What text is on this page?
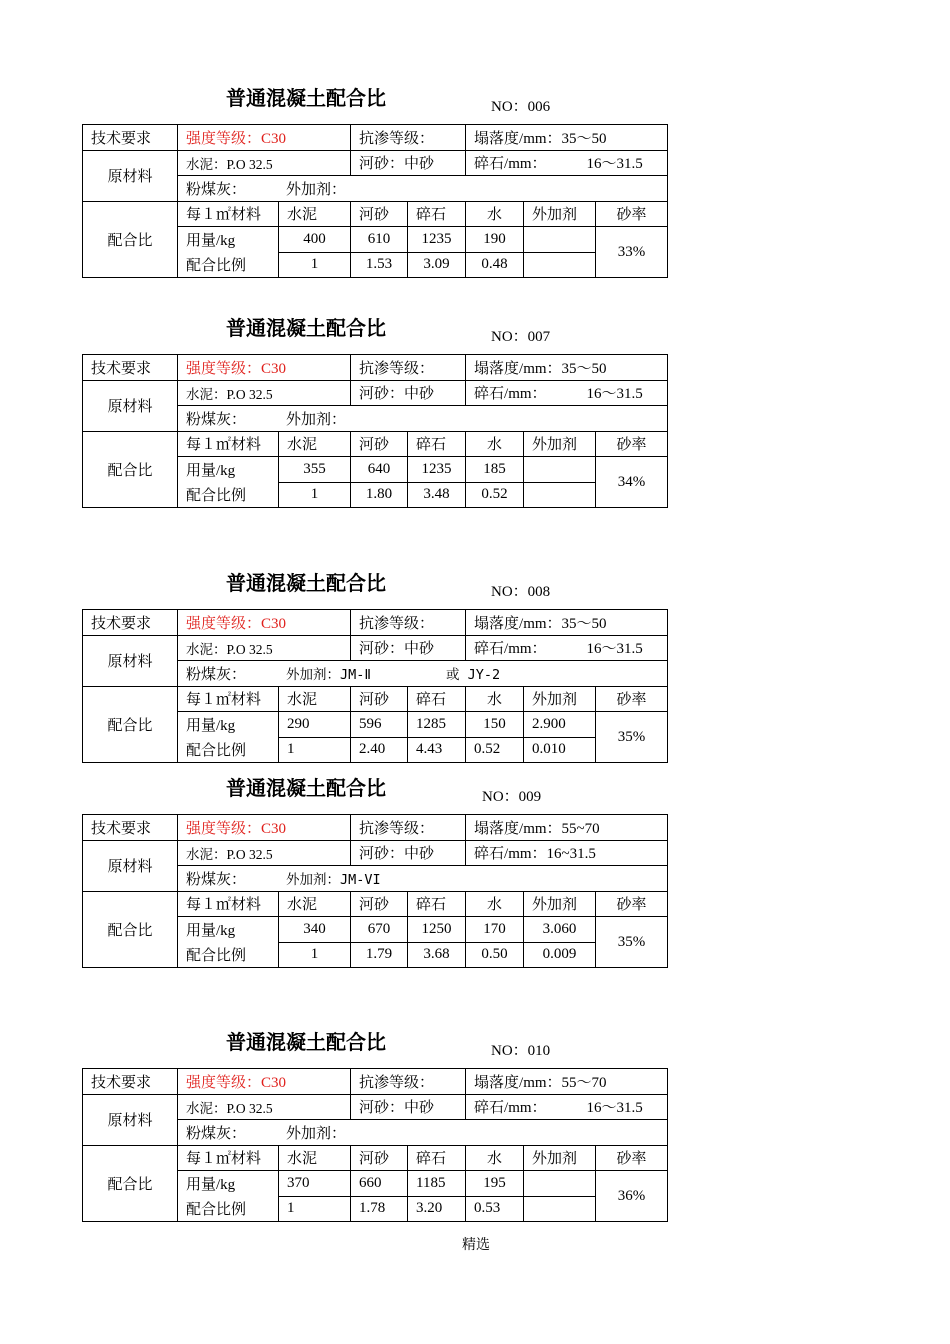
普通混凝土配合比	NO：006
技术要求	强度等级：C30		抗渗等级：		塌落度/mm：35～50		
原材料	水泥：P.O 32.5		河砂：中砂		碎石/mm： 16～31.5		
	粉煤灰： 外加剂：						
配合比	每１㎡材料	水泥	河砂	碎石	水	外加剂	砂率
	用量/kg	400	610	1235	190		33%
	配合比例	1	1.53	3.09	0.48		
普通混凝土配合比	NO：007
技术要求	强度等级：C30		抗渗等级：		塌落度/mm：35～50		
原材料	水泥：P.O 32.5		河砂：中砂		碎石/mm： 16～31.5		
	粉煤灰： 外加剂：						
配合比	每１㎡材料	水泥	河砂	碎石	水	外加剂	砂率
	用量/kg	355	640	1235	185		34%
	配合比例	1	1.80	3.48	0.52		
普通混凝土配合比	NO：008
技术要求	强度等级：C30		抗渗等级：		塌落度/mm：35～50		
原材料	水泥：P.O 32.5		河砂：中砂		碎石/mm： 16～31.5		
	粉煤灰： 外加剂：JM-Ⅱ 或 JY-2						
配合比	每１㎡材料	水泥	河砂	碎石	水	外加剂	砂率
	用量/kg	290	596	1285	150	2.900	35%
	配合比例	1	2.40	4.43	0.52	0.010	
普通混凝土配合比	NO：009
技术要求	强度等级：C30		抗渗等级：		塌落度/mm：55~70		
原材料	水泥：P.O 32.5		河砂：中砂		碎石/mm：16~31.5		
	粉煤灰： 外加剂：JM-VI						
配合比	每１㎡材料	水泥	河砂	碎石	水	外加剂	砂率
	用量/kg	340	670	1250	170	3.060	35%
	配合比例	1	1.79	3.68	0.50	0.009	
普通混凝土配合比	NO：010
技术要求	强度等级：C30		抗渗等级：		塌落度/mm：55～70		
原材料	水泥：P.O 32.5		河砂：中砂		碎石/mm： 16～31.5		
	粉煤灰： 外加剂：						
配合比	每１㎡材料	水泥	河砂	碎石	水	外加剂	砂率
	用量/kg	370	660	1185	195		36%
	配合比例	1	1.78	3.20	0.53		
精选
